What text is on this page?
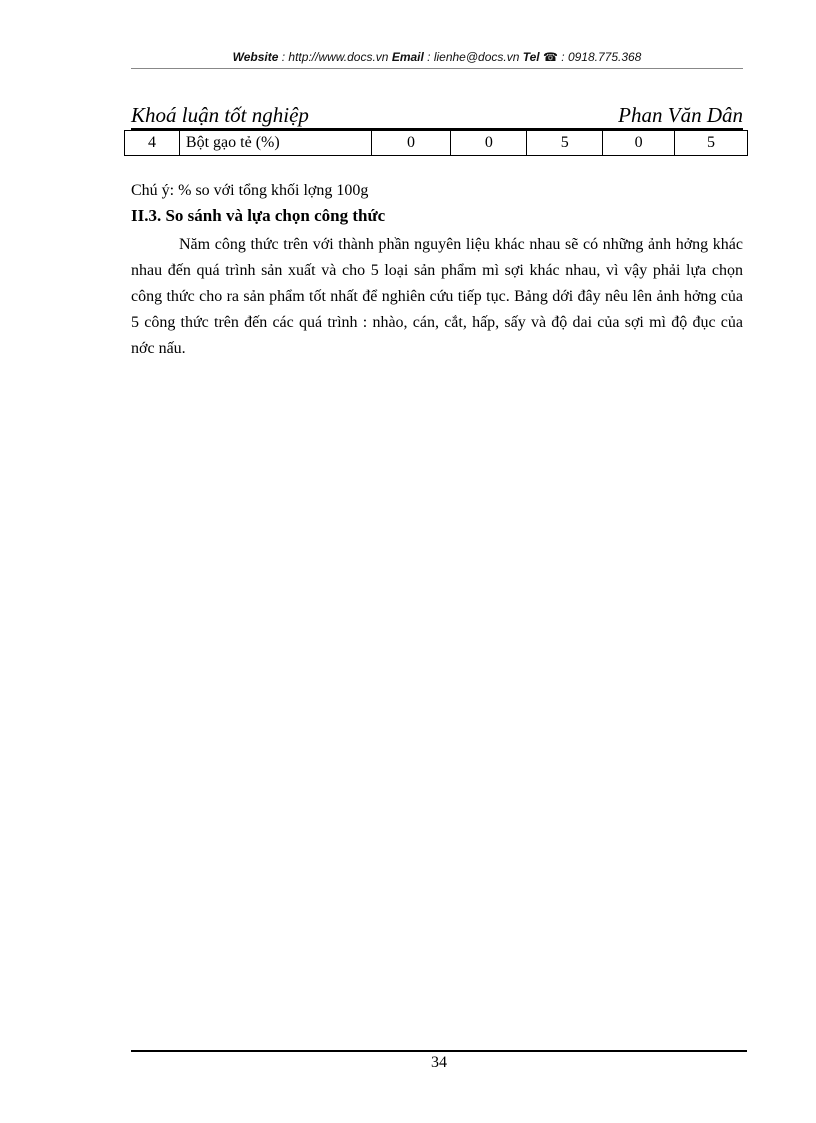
Website : http://www.docs.vn Email : lienhe@docs.vn Tel ☎ : 0918.775.368
Khoá luận tốt nghiệp	Phan Văn Dân
4	Bột gạo tẻ (%)	0	0	5	0	5
Chú ý: % so với tổng khối lợng 100g
II.3. So sánh và lựa chọn công thức
Năm công thức trên với thành phần nguyên liệu khác nhau sẽ có những ảnh hởng khác nhau đến quá trình sản xuất và cho 5 loại sản phẩm mì sợi khác nhau, vì vậy phải lựa chọn công thức cho ra sản phẩm tốt nhất để nghiên cứu tiếp tục. Bảng dới đây nêu lên ảnh hởng của 5 công thức trên đến các quá trình : nhào, cán, cắt, hấp, sấy và độ dai của sợi mì độ đục của nớc nấu.
34
